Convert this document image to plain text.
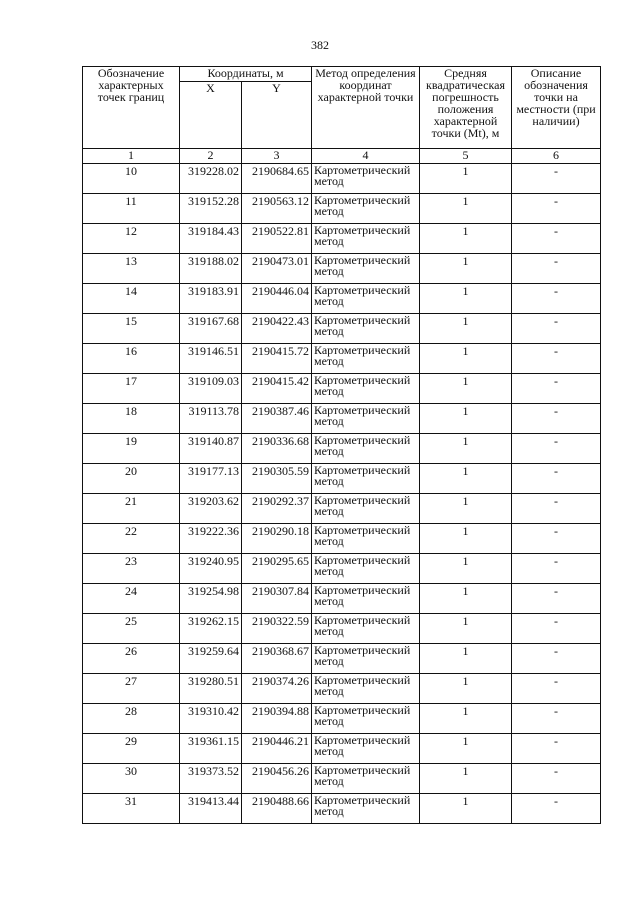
382
Обозначение характерных точек границ	Координаты, м		Метод определения координат характерной точки	Средняя квадратическая погрешность положения характерной точки (Mt), м	Описание обозначения точки на местности (при наличии)
	X	Y			
1	2	3	4	5	6
10	319228.02	2190684.65	Картометрический метод	1	-
11	319152.28	2190563.12	Картометрический метод	1	-
12	319184.43	2190522.81	Картометрический метод	1	-
13	319188.02	2190473.01	Картометрический метод	1	-
14	319183.91	2190446.04	Картометрический метод	1	-
15	319167.68	2190422.43	Картометрический метод	1	-
16	319146.51	2190415.72	Картометрический метод	1	-
17	319109.03	2190415.42	Картометрический метод	1	-
18	319113.78	2190387.46	Картометрический метод	1	-
19	319140.87	2190336.68	Картометрический метод	1	-
20	319177.13	2190305.59	Картометрический метод	1	-
21	319203.62	2190292.37	Картометрический метод	1	-
22	319222.36	2190290.18	Картометрический метод	1	-
23	319240.95	2190295.65	Картометрический метод	1	-
24	319254.98	2190307.84	Картометрический метод	1	-
25	319262.15	2190322.59	Картометрический метод	1	-
26	319259.64	2190368.67	Картометрический метод	1	-
27	319280.51	2190374.26	Картометрический метод	1	-
28	319310.42	2190394.88	Картометрический метод	1	-
29	319361.15	2190446.21	Картометрический метод	1	-
30	319373.52	2190456.26	Картометрический метод	1	-
31	319413.44	2190488.66	Картометрический метод	1	-
